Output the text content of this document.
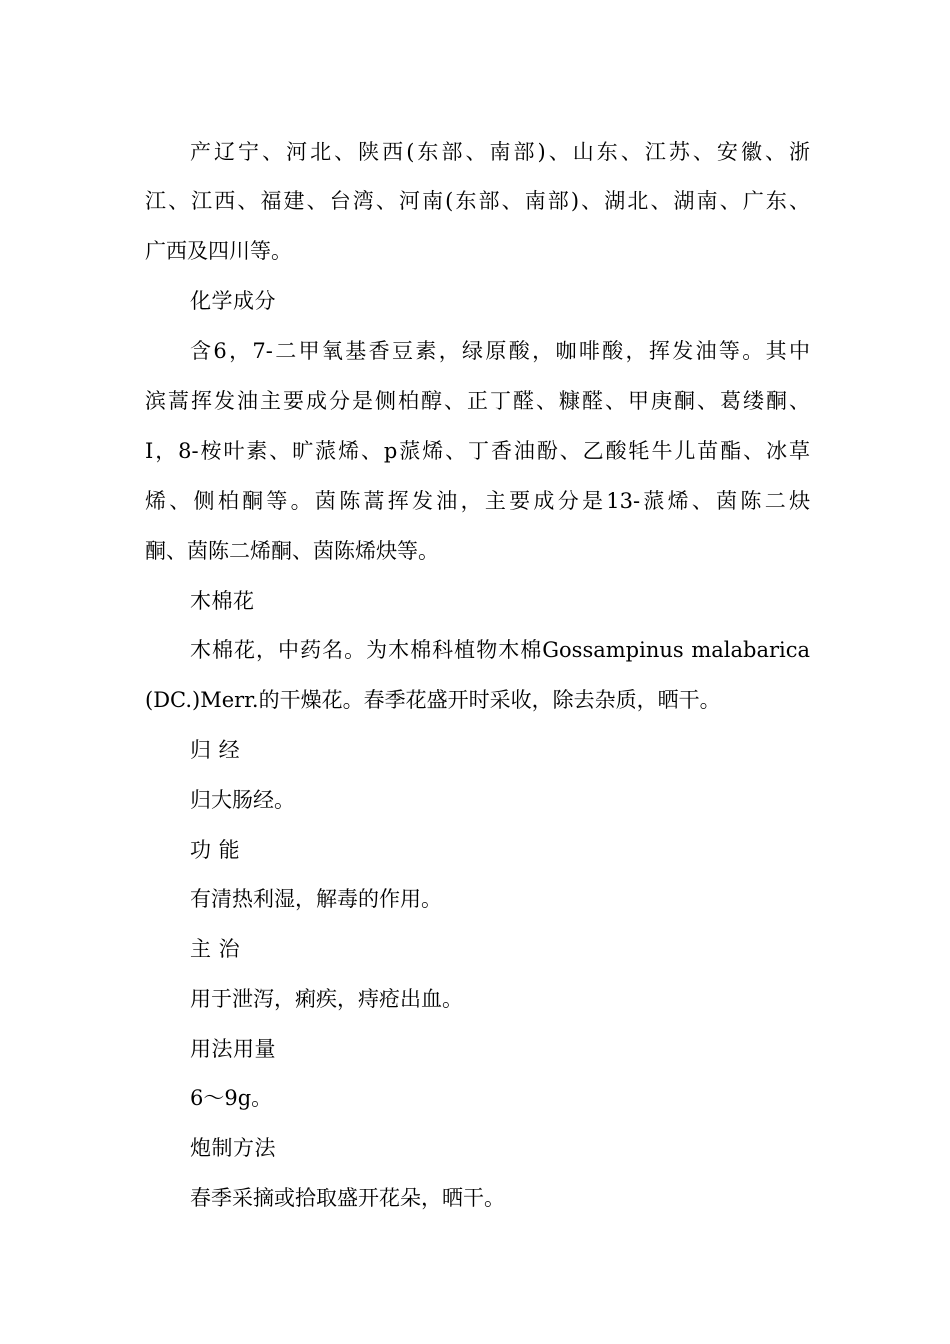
产辽宁、河北、陕西(东部、南部)、山东、江苏、安徽、浙
江、江西、福建、台湾、河南(东部、南部)、湖北、湖南、广东、
广西及四川等。
化学成分
含6，7-二甲氧基香豆素，绿原酸，咖啡酸，挥发油等。其中
滨蒿挥发油主要成分是侧柏醇、正丁醛、糠醛、甲庚酮、葛缕酮、
I，8-桉叶素、旷蒎烯、p蒎烯、丁香油酚、乙酸牦牛儿苗酯、冰草
烯、侧柏酮等。茵陈蒿挥发油，主要成分是13-蒎烯、茵陈二炔
酮、茵陈二烯酮、茵陈烯炔等。
木棉花
木棉花，中药名。为木棉科植物木棉Gossampinus malabarica
(DC.)Merr.的干燥花。春季花盛开时采收，除去杂质，晒干。
归 经
归大肠经。
功 能
有清热利湿，解毒的作用。
主 治
用于泄泻，痢疾，痔疮出血。
用法用量
6～9g。
炮制方法
春季采摘或拾取盛开花朵，晒干。
